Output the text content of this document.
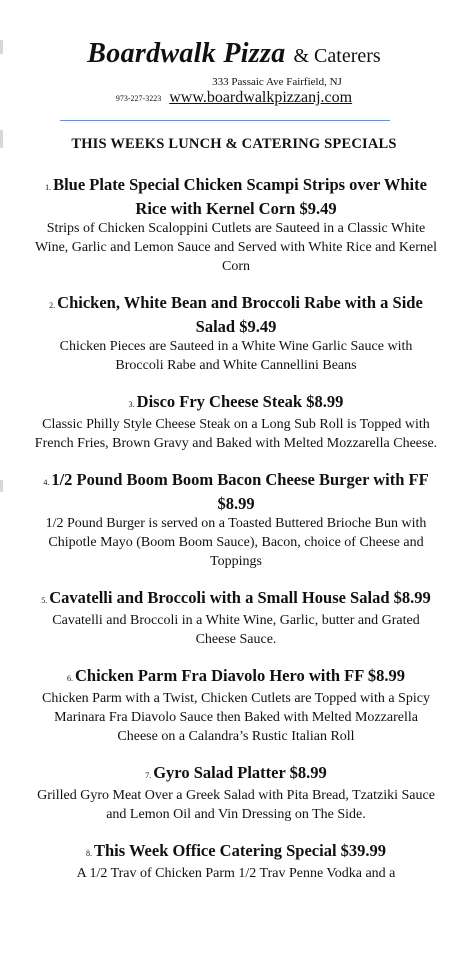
Boardwalk Pizza & Caterers
333 Passaic Ave Fairfield, NJ
973-227-3223 www.boardwalkpizzanj.com
THIS WEEKS LUNCH & CATERING SPECIALS
1. Blue Plate Special Chicken Scampi Strips over White Rice with Kernel Corn $9.49
Strips of Chicken Scaloppini Cutlets are Sauteed in a Classic White Wine, Garlic and Lemon Sauce and Served with White Rice and Kernel Corn
2. Chicken, White Bean and Broccoli Rabe with a Side Salad $9.49
Chicken Pieces are Sauteed in a White Wine Garlic Sauce with Broccoli Rabe and White Cannellini Beans
3. Disco Fry Cheese Steak $8.99
Classic Philly Style Cheese Steak on a Long Sub Roll is Topped with French Fries, Brown Gravy and Baked with Melted Mozzarella Cheese.
4. 1/2 Pound Boom Boom Bacon Cheese Burger with FF $8.99
1/2 Pound Burger is served on a Toasted Buttered Brioche Bun with Chipotle Mayo (Boom Boom Sauce), Bacon, choice of Cheese and Toppings
5. Cavatelli and Broccoli with a Small House Salad $8.99
Cavatelli and Broccoli in a White Wine, Garlic, butter and Grated Cheese Sauce.
6. Chicken Parm Fra Diavolo Hero with FF $8.99
Chicken Parm with a Twist, Chicken Cutlets are Topped with a Spicy Marinara Fra Diavolo Sauce then Baked with Melted Mozzarella Cheese on a Calandra’s Rustic Italian Roll
7. Gyro Salad Platter $8.99
Grilled Gyro Meat Over a Greek Salad with Pita Bread, Tzatziki Sauce and Lemon Oil and Vin Dressing on The Side.
8. This Week Office Catering Special $39.99
A 1/2 Trav of Chicken Parm 1/2 Trav Penne Vodka and a
